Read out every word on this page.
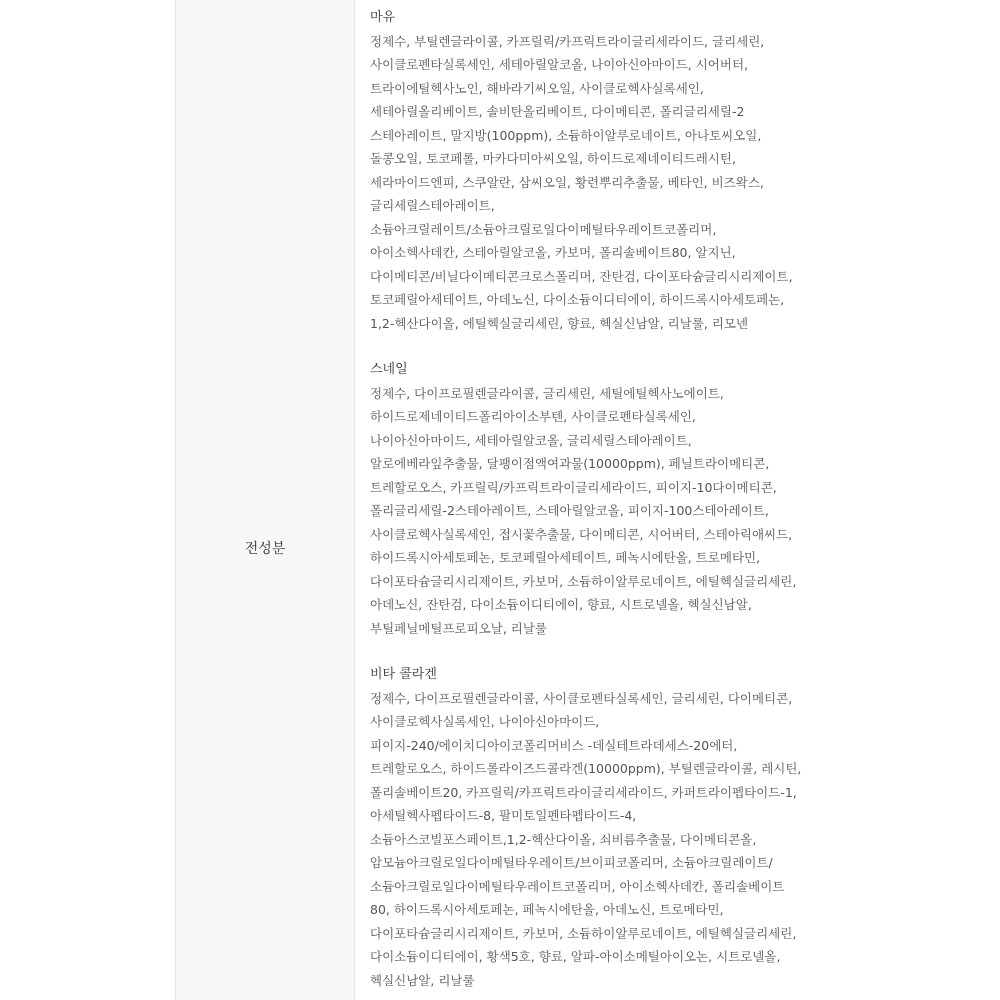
전성분
마유
정제수, 부틸렌글라이콜, 카프릴릭/카프릭트라이글리세라이드, 글리세린,
사이클로펜타실록세인, 세테아릴알코올, 나이아신아마이드, 시어버터,
트라이에틸헥사노인, 해바라기씨오일, 사이클로헥사실록세인,
세테아릴올리베이트, 솔비탄올리베이트, 다이메티콘, 폴리글리세릴-2
스테아레이트, 말지방(100ppm), 소듐하이알루로네이트, 아나토씨오일,
돌콩오일, 토코페롤, 마카다미아씨오일, 하이드로제네이티드레시틴,
세라마이드엔피, 스쿠알란, 삼씨오일, 황련뿌리추출물, 베타인, 비즈왁스,
글리세릴스테아레이트,
소듐아크릴레이트/소듐아크릴로일다이메틸타우레이트코폴리머,
아이소헥사데칸, 스테아릴알코올, 카보머, 폴리솔베이트80, 알지닌,
다이메티콘/비닐다이메티콘크로스폴리머, 잔탄검, 다이포타슘글리시리제이트,
토코페릴아세테이트, 아데노신, 다이소듐이디티에이, 하이드록시아세토페논,
1,2-헥산다이올, 에틸헥실글리세린, 향료, 헥실신남알, 리날룰, 리모넨
스네일
정제수, 다이프로필렌글라이콜, 글리세린, 세틸에틸헥사노에이트,
하이드로제네이티드폴리아이소부텐, 사이클로펜타실록세인,
나이아신아마이드, 세테아릴알코올, 글리세릴스테아레이트,
알로에베라잎추출물, 달팽이점액여과물(10000ppm), 페닐트라이메티콘,
트레할로오스, 카프릴릭/카프릭트라이글리세라이드, 피이지-10다이메티콘,
폴리글리세릴-2스테아레이트, 스테아릴알코올, 피이지-100스테아레이트,
사이클로헥사실록세인, 접시꽃추출물, 다이메티콘, 시어버터, 스테아릭애씨드,
하이드록시아세토페논, 토코페릴아세테이트, 페녹시에탄올, 트로메타민,
다이포타슘글리시리제이트, 카보머, 소듐하이알루로네이트, 에틸헥실글리세린,
아데노신, 잔탄검, 다이소듐이디티에이, 향료, 시트로넬올, 헥실신남알,
부틸페닐메틸프로피오날, 리날룰
비타 콜라겐
정제수, 다이프로필렌글라이콜, 사이클로펜타실록세인, 글리세린, 다이메티콘,
사이클로헥사실록세인, 나이아신아마이드,
피이지-240/에이치디아이코폴리머비스 -데실테트라데세스-20에터,
트레할로오스, 하이드롤라이즈드콜라겐(10000ppm), 부틸렌글라이콜, 레시틴,
폴리솔베이트20, 카프릴릭/카프릭트라이글리세라이드, 카퍼트라이펩타이드-1,
아세틸헥사펩타이드-8, 팔미토일펜타펩타이드-4,
소듐아스코빌포스페이트,1,2-헥산다이올, 쇠비름추출물, 다이메티콘올,
암모늄아크릴로일다이메틸타우레이트/브이피코폴리머, 소듐아크릴레이트/
소듐아크릴로일다이메틸타우레이트코폴리머, 아이소헥사데칸, 폴리솔베이트
80, 하이드록시아세토페논, 페녹시에탄올, 아데노신, 트로메타민,
다이포타슘글리시리제이트, 카보머, 소듐하이알루로네이트, 에틸헥실글리세린,
다이소듐이디티에이, 황색5호, 향료, 알파-아이소메틸아이오논, 시트로넬올,
헥실신남알, 리날룰
